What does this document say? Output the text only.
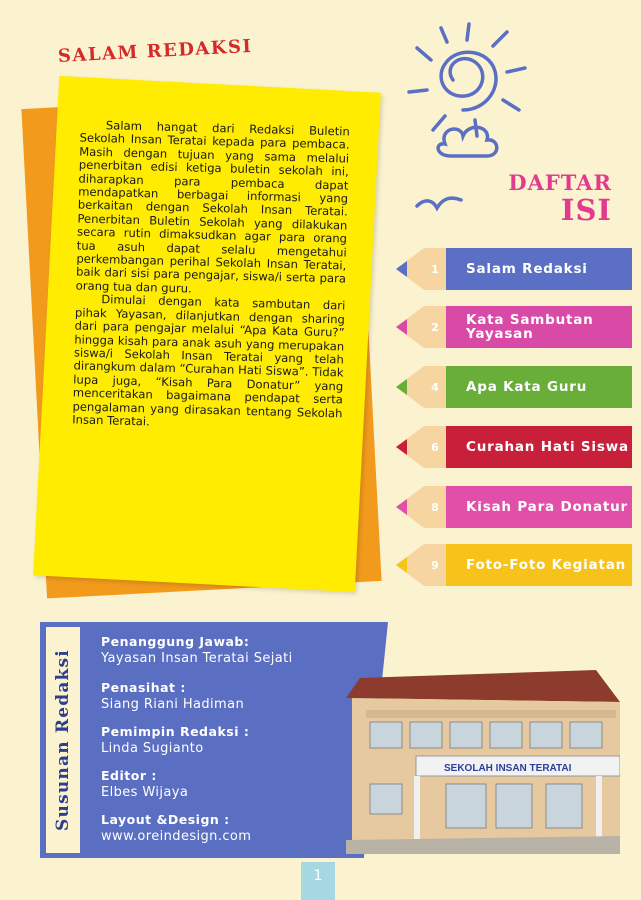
SALAM REDAKSI

Salam hangat dari Redaksi Buletin Sekolah Insan Teratai kepada para pembaca. Masih dengan tujuan yang sama melalui penerbitan edisi ketiga buletin sekolah ini, diharapkan para pembaca dapat mendapatkan berbagai informasi yang berkaitan dengan Sekolah Insan Teratai. Penerbitan Buletin Sekolah yang dilakukan secara rutin dimaksudkan agar para orang tua asuh dapat selalu mengetahui perkembangan perihal Sekolah Insan Teratai, baik dari sisi para pengajar, siswa/i serta para orang tua dan guru.

Dimulai dengan kata sambutan dari pihak Yayasan, dilanjutkan dengan sharing dari para pengajar melalui “Apa Kata Guru?” hingga kisah para anak asuh yang merupakan siswa/i Sekolah Insan Teratai yang telah dirangkum dalam “Curahan Hati Siswa”. Tidak lupa juga, “Kisah Para Donatur” yang menceritakan bagaimana pendapat serta pengalaman yang dirasakan tentang Sekolah Insan Teratai.

DAFTAR
ISI
1	Salam Redaksi
2	Kata Sambutan Yayasan
4	Apa Kata Guru
6	Curahan Hati Siswa
8	Kisah Para Donatur
9	Foto-Foto Kegiatan
Susunan Redaksi	SEKOLAH INSAN TERATAI
Penanggung Jawab:
Yayasan Insan Teratai Sejati
Penasihat :
Siang Riani Hadiman
Pemimpin Redaksi :
Linda Sugianto
Editor :
Elbes Wijaya
Layout &Design :
www.oreindesign.com
1
